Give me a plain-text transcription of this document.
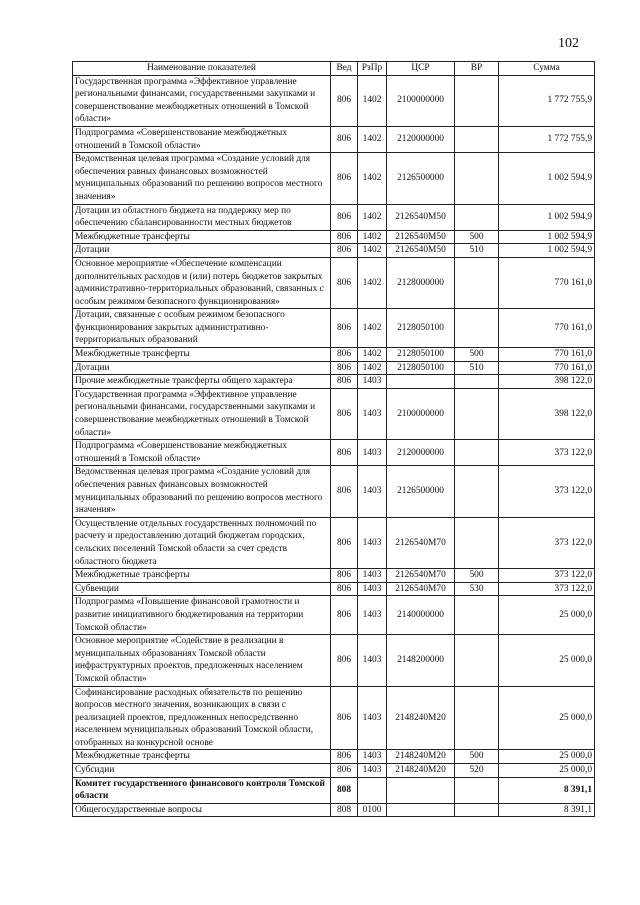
102
Наименование показателей	Вед	РзПр	ЦСР	ВР	Сумма
Государственная программа «Эффективное управление региональными финансами, государственными закупками и совершенствование межбюджетных отношений в Томской области»	806	1402	2100000000		1 772 755,9
Подпрограмма «Совершенствование межбюджетных отношений в Томской области»	806	1402	2120000000		1 772 755,9
Ведомственная целевая программа «Создание условий для обеспечения равных финансовых возможностей муниципальных образований по решению вопросов местного значения»	806	1402	2126500000		1 002 594,9
Дотации из областного бюджета на поддержку мер по обеспечению сбалансированности местных бюджетов	806	1402	2126540М50		1 002 594,9
Межбюджетные трансферты	806	1402	2126540М50	500	1 002 594,9
Дотации	806	1402	2126540М50	510	1 002 594,9
Основное мероприятие «Обеспечение компенсации дополнительных расходов и (или) потерь бюджетов закрытых административно-территориальных образований, связанных с особым режимом безопасного функционирования»	806	1402	2128000000		770 161,0
Дотации, связанные с особым режимом безопасного функционирования закрытых административно-территориальных образований	806	1402	2128050100		770 161,0
Межбюджетные трансферты	806	1402	2128050100	500	770 161,0
Дотации	806	1402	2128050100	510	770 161,0
Прочие межбюджетные трансферты общего характера	806	1403			398 122,0
Государственная программа «Эффективное управление региональными финансами, государственными закупками и совершенствование межбюджетных отношений в Томской области»	806	1403	2100000000		398 122,0
Подпрограмма «Совершенствование межбюджетных отношений в Томской области»	806	1403	2120000000		373 122,0
Ведомственная целевая программа «Создание условий для обеспечения равных финансовых возможностей муниципальных образований по решению вопросов местного значения»	806	1403	2126500000		373 122,0
Осуществление отдельных государственных полномочий по расчету и предоставлению дотаций бюджетам городских, сельских поселений Томской области за счет средств областного бюджета	806	1403	2126540М70		373 122,0
Межбюджетные трансферты	806	1403	2126540М70	500	373 122,0
Субвенции	806	1403	2126540М70	530	373 122,0
Подпрограмма «Повышение финансовой грамотности и развитие инициативного бюджетирования на территории Томской области»	806	1403	2140000000		25 000,0
Основное мероприятие «Содействие в реализации в муниципальных образованиях Томской области инфраструктурных проектов, предложенных населением Томской области»	806	1403	2148200000		25 000,0
Софинансирование расходных обязательств по решению вопросов местного значения, возникающих в связи с реализацией проектов, предложенных непосредственно населением муниципальных образований Томской области, отобранных на конкурсной основе	806	1403	2148240М20		25 000,0
Межбюджетные трансферты	806	1403	2148240М20	500	25 000,0
Субсидии	806	1403	2148240М20	520	25 000,0
Комитет государственного финансового контроля Томской области	808				8 391,1
Общегосударственные вопросы	808	0100			8 391,1
